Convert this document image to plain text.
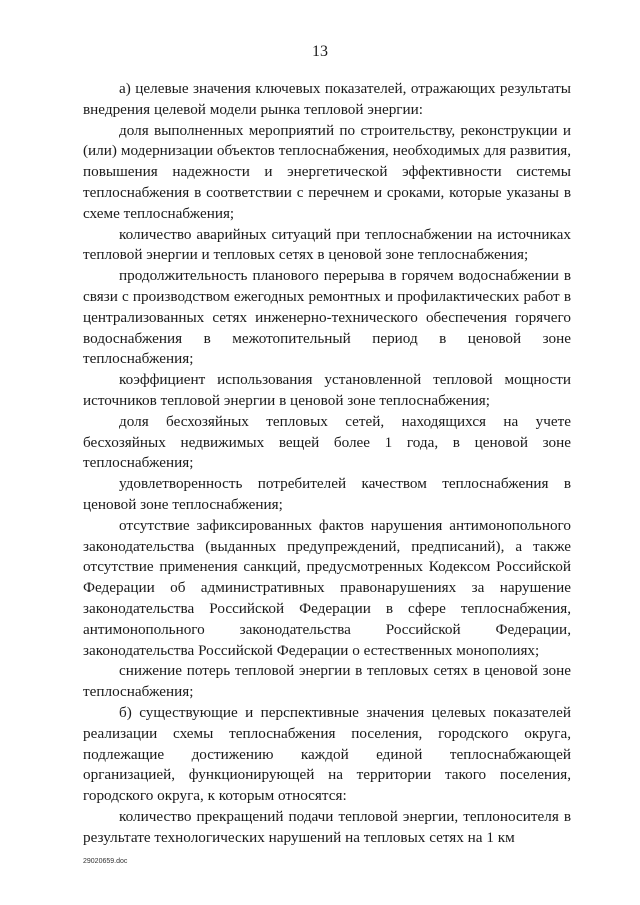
13

а) целевые значения ключевых показателей, отражающих результаты внедрения целевой модели рынка тепловой энергии:

доля выполненных мероприятий по строительству, реконструкции и (или) модернизации объектов теплоснабжения, необходимых для развития, повышения надежности и энергетической эффективности системы теплоснабжения в соответствии с перечнем и сроками, которые указаны в схеме теплоснабжения;

количество аварийных ситуаций при теплоснабжении на источниках тепловой энергии и тепловых сетях в ценовой зоне теплоснабжения;

продолжительность планового перерыва в горячем водоснабжении в связи с производством ежегодных ремонтных и профилактических работ в централизованных сетях инженерно-технического обеспечения горячего водоснабжения в межотопительный период в ценовой зоне теплоснабжения;

коэффициент использования установленной тепловой мощности источников тепловой энергии в ценовой зоне теплоснабжения;

доля бесхозяйных тепловых сетей, находящихся на учете бесхозяйных недвижимых вещей более 1 года, в ценовой зоне теплоснабжения;

удовлетворенность потребителей качеством теплоснабжения в ценовой зоне теплоснабжения;

отсутствие зафиксированных фактов нарушения антимонопольного законодательства (выданных предупреждений, предписаний), а также отсутствие применения санкций, предусмотренных Кодексом Российской Федерации об административных правонарушениях за нарушение законодательства Российской Федерации в сфере теплоснабжения, антимонопольного законодательства Российской Федерации, законодательства Российской Федерации о естественных монополиях;

снижение потерь тепловой энергии в тепловых сетях в ценовой зоне теплоснабжения;

б) существующие и перспективные значения целевых показателей реализации схемы теплоснабжения поселения, городского округа, подлежащие достижению каждой единой теплоснабжающей организацией, функционирующей на территории такого поселения, городского округа, к которым относятся:

количество прекращений подачи тепловой энергии, теплоносителя в результате технологических нарушений на тепловых сетях на 1 км

29020659.doc
